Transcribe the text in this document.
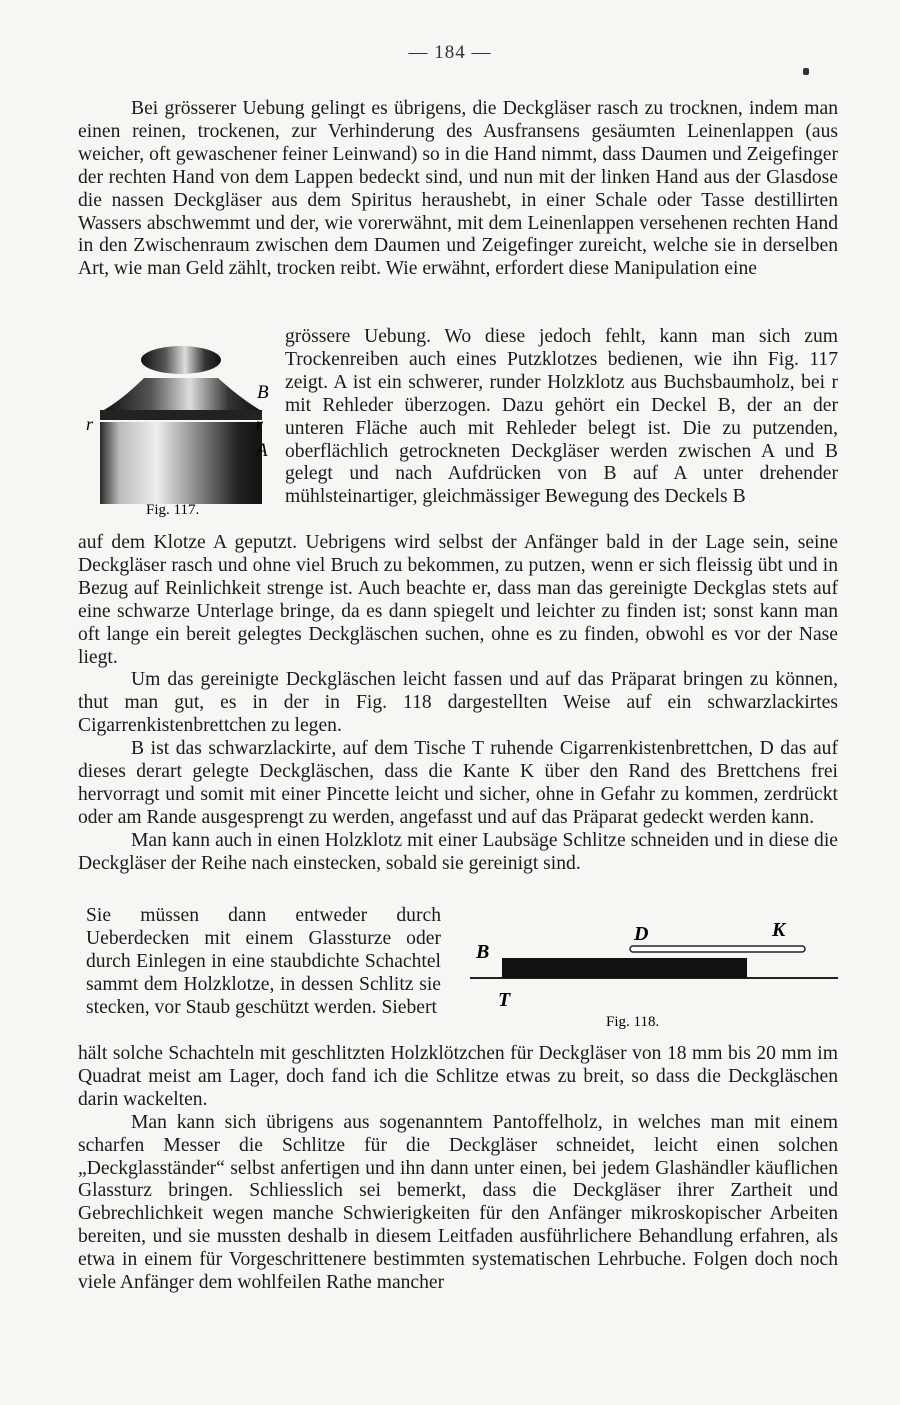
— 184 —

Bei grösserer Uebung gelingt es übrigens, die Deckgläser rasch zu trocknen, indem man einen reinen, trockenen, zur Verhinderung des Ausfransens gesäumten Leinenlappen (aus weicher, oft gewaschener feiner Leinwand) so in die Hand nimmt, dass Daumen und Zeigefinger der rechten Hand von dem Lappen bedeckt sind, und nun mit der linken Hand aus der Glasdose die nassen Deckgläser aus dem Spiritus heraushebt, in einer Schale oder Tasse destillirten Wassers abschwemmt und der, wie vorerwähnt, mit dem Leinenlappen versehenen rechten Hand in den Zwischenraum zwischen dem Daumen und Zeigefinger zureicht, welche sie in derselben Art, wie man Geld zählt, trocken reibt. Wie erwähnt, erfordert diese Manipulation eine

B
r	r
A
Fig. 117.

grössere Uebung. Wo diese jedoch fehlt, kann man sich zum Trockenreiben auch eines Putzklotzes bedienen, wie ihn Fig. 117 zeigt. A ist ein schwerer, runder Holzklotz aus Buchsbaumholz, bei r mit Rehleder überzogen. Dazu gehört ein Deckel B, der an der unteren Fläche auch mit Rehleder belegt ist. Die zu putzenden, oberflächlich getrockneten Deckgläser werden zwischen A und B gelegt und nach Aufdrücken von B auf A unter drehender mühlsteinartiger, gleichmässiger Bewegung des Deckels B

auf dem Klotze A geputzt. Uebrigens wird selbst der Anfänger bald in der Lage sein, seine Deckgläser rasch und ohne viel Bruch zu bekommen, zu putzen, wenn er sich fleissig übt und in Bezug auf Reinlichkeit strenge ist. Auch beachte er, dass man das gereinigte Deckglas stets auf eine schwarze Unterlage bringe, da es dann spiegelt und leichter zu finden ist; sonst kann man oft lange ein bereit gelegtes Deckgläschen suchen, ohne es zu finden, obwohl es vor der Nase liegt.

Um das gereinigte Deckgläschen leicht fassen und auf das Präparat bringen zu können, thut man gut, es in der in Fig. 118 dargestellten Weise auf ein schwarzlackirtes Cigarrenkistenbrettchen zu legen.

B ist das schwarzlackirte, auf dem Tische T ruhende Cigarrenkistenbrettchen, D das auf dieses derart gelegte Deckgläschen, dass die Kante K über den Rand des Brettchens frei hervorragt und somit mit einer Pincette leicht und sicher, ohne in Gefahr zu kommen, zerdrückt oder am Rande ausgesprengt zu werden, angefasst und auf das Präparat gedeckt werden kann.

Man kann auch in einen Holzklotz mit einer Laubsäge Schlitze schneiden und in diese die Deckgläser der Reihe nach einstecken, sobald sie gereinigt sind.

Sie müssen dann entweder durch Ueberdecken mit einem Glassturze oder durch Einlegen in eine staubdichte Schachtel sammt dem Holzklotze, in dessen Schlitz sie stecken, vor Staub geschützt werden. Siebert

B
D	K
T
Fig. 118.

hält solche Schachteln mit geschlitzten Holzklötzchen für Deckgläser von 18 mm bis 20 mm im Quadrat meist am Lager, doch fand ich die Schlitze etwas zu breit, so dass die Deckgläschen darin wackelten.

Man kann sich übrigens aus sogenanntem Pantoffelholz, in welches man mit einem scharfen Messer die Schlitze für die Deckgläser schneidet, leicht einen solchen „Deckglasständer“ selbst anfertigen und ihn dann unter einen, bei jedem Glashändler käuflichen Glassturz bringen. Schliesslich sei bemerkt, dass die Deckgläser ihrer Zartheit und Gebrechlichkeit wegen manche Schwierigkeiten für den Anfänger mikroskopischer Arbeiten bereiten, und sie mussten deshalb in diesem Leitfaden ausführlichere Behandlung erfahren, als etwa in einem für Vorgeschrittenere bestimmten systematischen Lehrbuche. Folgen doch noch viele Anfänger dem wohlfeilen Rathe mancher
